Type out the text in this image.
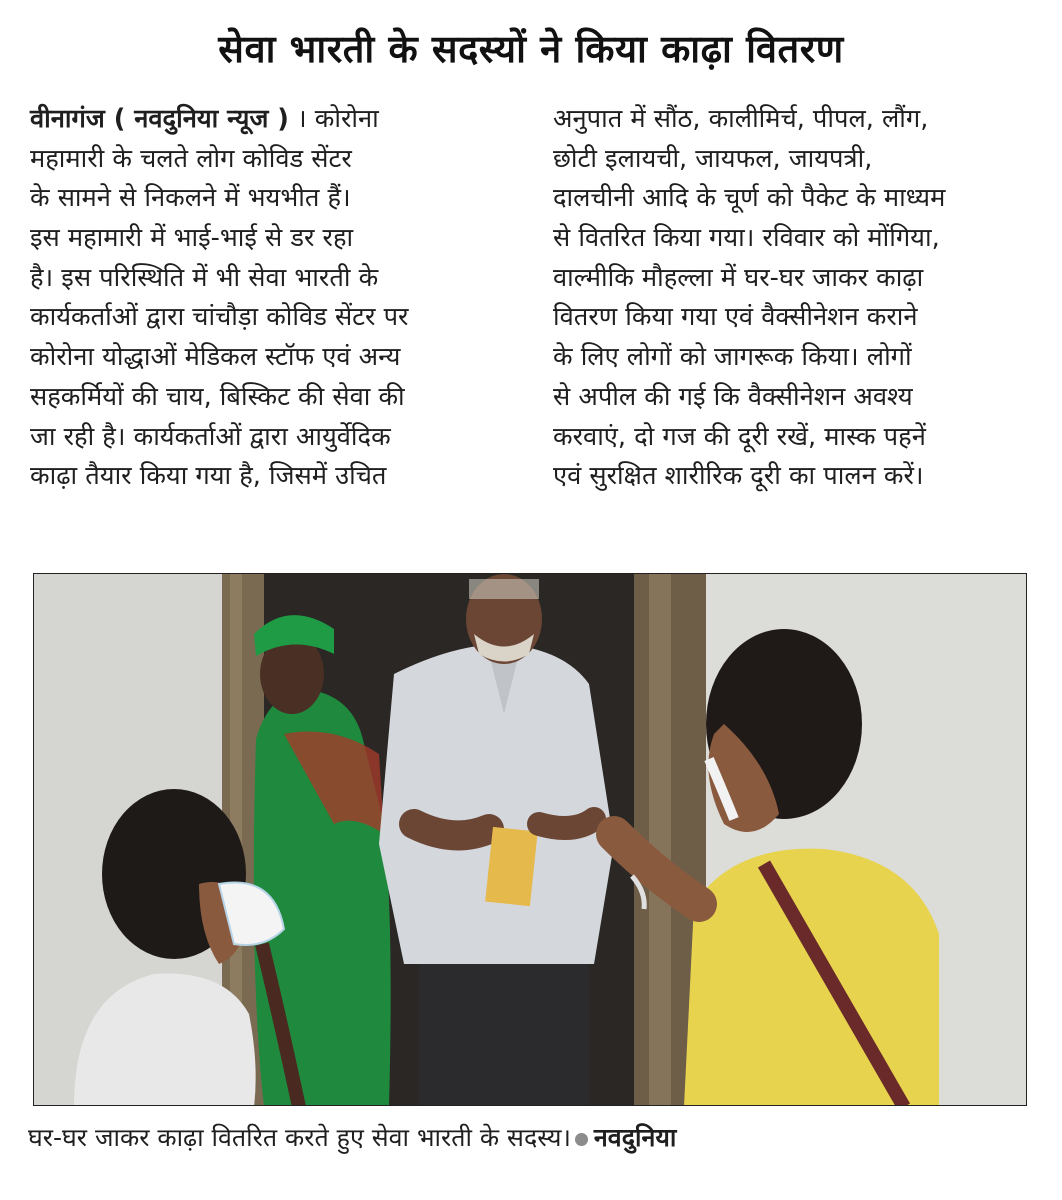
सेवा भारती के सदस्यों ने किया काढ़ा वितरण
वीनागंज ( नवदुनिया न्यूज ) । कोरोना
महामारी के चलते लोग कोविड सेंटर
के सामने से निकलने में भयभीत हैं।
इस महामारी में भाई-भाई से डर रहा
है। इस परिस्थिति में भी सेवा भारती के
कार्यकर्ताओं द्वारा चांचौड़ा कोविड सेंटर पर
कोरोना योद्धाओं मेडिकल स्टॉफ एवं अन्य
सहकर्मियों की चाय, बिस्किट की सेवा की
जा रही है। कार्यकर्ताओं द्वारा आयुर्वेदिक
काढ़ा तैयार किया गया है, जिसमें उचित
अनुपात में सौंठ, कालीमिर्च, पीपल, लौंग,
छोटी इलायची, जायफल, जायपत्री,
दालचीनी आदि के चूर्ण को पैकेट के माध्यम
से वितरित किया गया। रविवार को मोंगिया,
वाल्मीकि मौहल्ला में घर-घर जाकर काढ़ा
वितरण किया गया एवं वैक्सीनेशन कराने
के लिए लोगों को जागरूक किया। लोगों
से अपील की गई कि वैक्सीनेशन अवश्य
करवाएं, दो गज की दूरी रखें, मास्क पहनें
एवं सुरक्षित शारीरिक दूरी का पालन करें।
घर-घर जाकर काढ़ा वितरित करते हुए सेवा भारती के सदस्य। नवदुनिया
